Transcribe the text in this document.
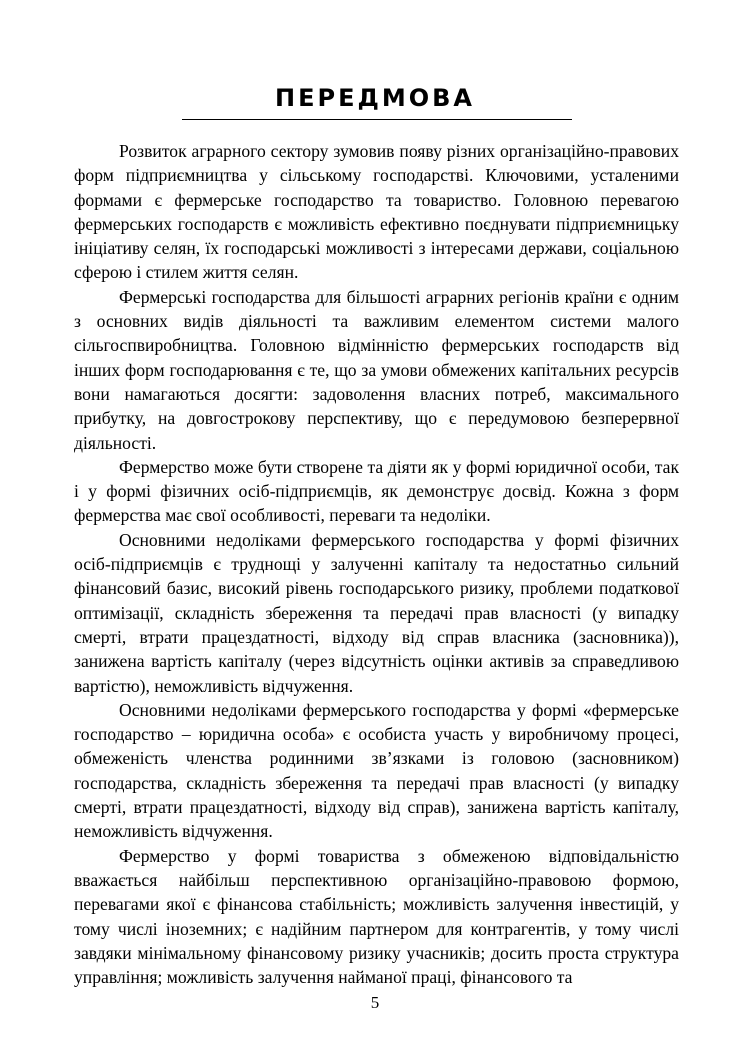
ПЕРЕДМОВА

Розвиток аграрного сектору зумовив появу різних організаційно-правових форм підприємництва у сільському господарстві. Ключовими, усталеними формами є фермерське господарство та товариство. Головною перевагою фермерських господарств є можливість ефективно поєднувати підприємницьку ініціативу селян, їх господарські можливості з інтересами держави, соціальною сферою і стилем життя селян.

Фермерські господарства для більшості аграрних регіонів країни є одним з основних видів діяльності та важливим елементом системи малого сільгоспвиробництва. Головною відмінністю фермерських господарств від інших форм господарювання є те, що за умови обмежених капітальних ресурсів вони намагаються досягти: задоволення власних потреб, максимального прибутку, на довгострокову перспективу, що є передумовою безперервної діяльності.

Фермерство може бути створене та діяти як у формі юридичної особи, так і у формі фізичних осіб-підприємців, як демонструє досвід. Кожна з форм фермерства має свої особливості, переваги та недоліки.

Основними недоліками фермерського господарства у формі фізичних осіб-підприємців є труднощі у залученні капіталу та недостатньо сильний фінансовий базис, високий рівень господарського ризику, проблеми податкової оптимізації, складність збереження та передачі прав власності (у випадку смерті, втрати працездатності, відходу від справ власника (засновника)), занижена вартість капіталу (через відсутність оцінки активів за справедливою вартістю), неможливість відчуження.

Основними недоліками фермерського господарства у формі «фермерське господарство – юридична особа» є особиста участь у виробничому процесі, обмеженість членства родинними зв’язками із головою (засновником) господарства, складність збереження та передачі прав власності (у випадку смерті, втрати працездатності, відходу від справ), занижена вартість капіталу, неможливість відчуження.

Фермерство у формі товариства з обмеженою відповідальністю вважається найбільш перспективною організаційно-правовою формою, перевагами якої є фінансова стабільність; можливість залучення інвестицій, у тому числі іноземних; є надійним партнером для контрагентів, у тому числі завдяки мінімальному фінансовому ризику учасників; досить проста структура управління; можливість залучення найманої праці, фінансового та

5
